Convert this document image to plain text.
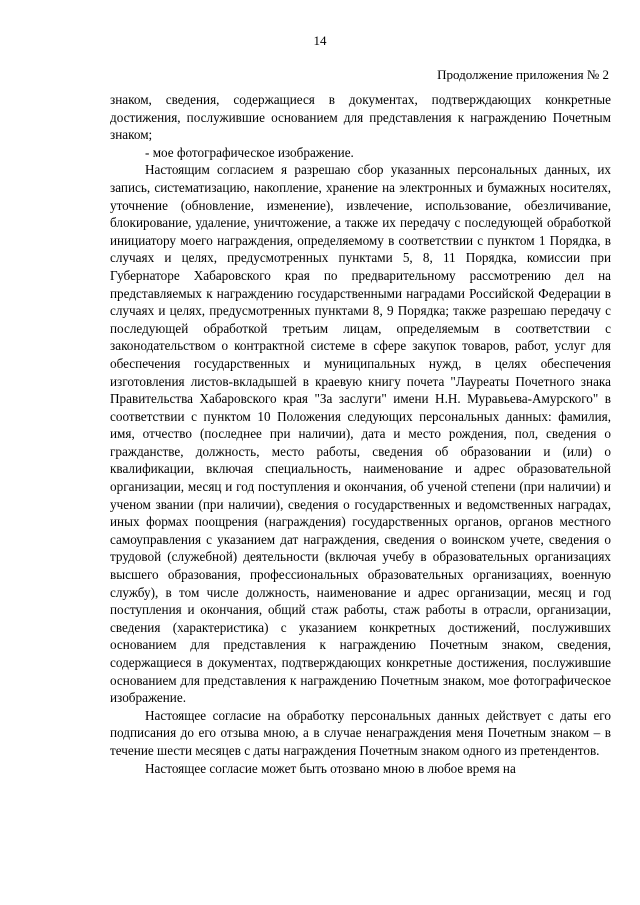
14
Продолжение приложения № 2

знаком, сведения, содержащиеся в документах, подтверждающих конкретные достижения, послужившие основанием для представления к награждению Почетным знаком;

- мое фотографическое изображение.

Настоящим согласием я разрешаю сбор указанных персональных данных, их запись, систематизацию, накопление, хранение на электронных и бумажных носителях, уточнение (обновление, изменение), извлечение, использование, обезличивание, блокирование, удаление, уничтожение, а также их передачу с последующей обработкой инициатору моего награждения, определяемому в соответствии с пунктом 1 Порядка, в случаях и целях, предусмотренных пунктами 5, 8, 11 Порядка, комиссии при Губернаторе Хабаровского края по предварительному рассмотрению дел на представляемых к награждению государственными наградами Российской Федерации в случаях и целях, предусмотренных пунктами 8, 9 Порядка; также разрешаю передачу с последующей обработкой третьим лицам, определяемым в соответствии с законодательством о контрактной системе в сфере закупок товаров, работ, услуг для обеспечения государственных и муниципальных нужд, в целях обеспечения изготовления листов-вкладышей в краевую книгу почета "Лауреаты Почетного знака Правительства Хабаровского края "За заслуги" имени Н.Н. Муравьева-Амурского" в соответствии с пунктом 10 Положения следующих персональных данных: фамилия, имя, отчество (последнее при наличии), дата и место рождения, пол, сведения о гражданстве, должность, место работы, сведения об образовании и (или) о квалификации, включая специальность, наименование и адрес образовательной организации, месяц и год поступления и окончания, об ученой степени (при наличии) и ученом звании (при наличии), сведения о государственных и ведомственных наградах, иных формах поощрения (награждения) государственных органов, органов местного самоуправления с указанием дат награждения, сведения о воинском учете, сведения о трудовой (служебной) деятельности (включая учебу в образовательных организациях высшего образования, профессиональных образовательных организациях, военную службу), в том числе должность, наименование и адрес организации, месяц и год поступления и окончания, общий стаж работы, стаж работы в отрасли, организации, сведения (характеристика) с указанием конкретных достижений, послуживших основанием для представления к награждению Почетным знаком, сведения, содержащиеся в документах, подтверждающих конкретные достижения, послужившие основанием для представления к награждению Почетным знаком, мое фотографическое изображение.

Настоящее согласие на обработку персональных данных действует с даты его подписания до его отзыва мною, а в случае ненаграждения меня Почетным знаком – в течение шести месяцев с даты награждения Почетным знаком одного из претендентов.

Настоящее согласие может быть отозвано мною в любое время на
